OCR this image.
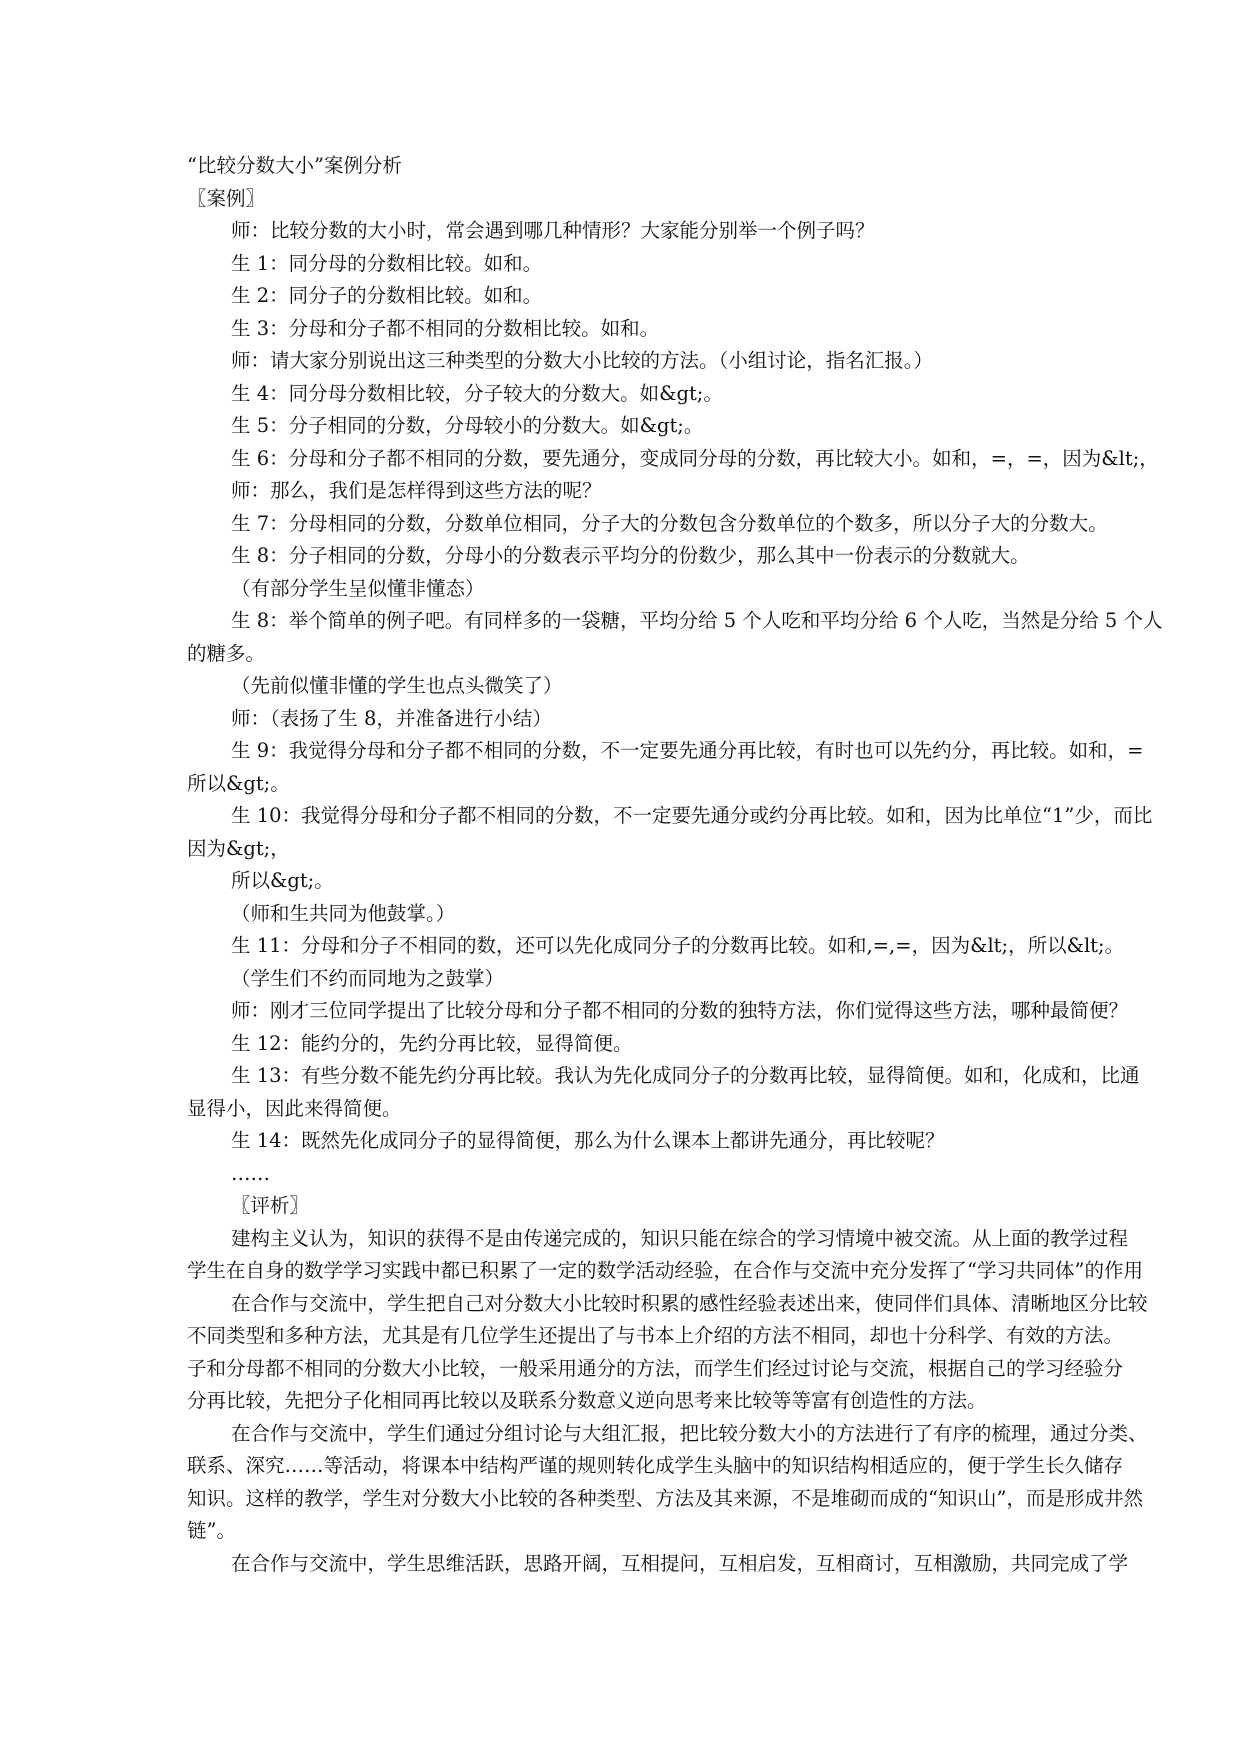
“比较分数大小”案例分析
〖案例〗
师：比较分数的大小时，常会遇到哪几种情形？大家能分别举一个例子吗？
生 1：同分母的分数相比较。如和。
生 2：同分子的分数相比较。如和。
生 3：分母和分子都不相同的分数相比较。如和。
师：请大家分别说出这三种类型的分数大小比较的方法。（小组讨论，指名汇报。）
生 4：同分母分数相比较，分子较大的分数大。如&gt;。
生 5：分子相同的分数，分母较小的分数大。如&gt;。
生 6：分母和分子都不相同的分数，要先通分，变成同分母的分数，再比较大小。如和，=，=，因为&lt;，
师：那么，我们是怎样得到这些方法的呢？
生 7：分母相同的分数，分数单位相同，分子大的分数包含分数单位的个数多，所以分子大的分数大。
生 8：分子相同的分数，分母小的分数表示平均分的份数少，那么其中一份表示的分数就大。
（有部分学生呈似懂非懂态）
生 8：举个简单的例子吧。有同样多的一袋糖，平均分给 5 个人吃和平均分给 6 个人吃，当然是分给 5 个人
的糖多。
（先前似懂非懂的学生也点头微笑了）
师：（表扬了生 8，并准备进行小结）
生 9：我觉得分母和分子都不相同的分数，不一定要先通分再比较，有时也可以先约分，再比较。如和，=
所以&gt;。
生 10：我觉得分母和分子都不相同的分数，不一定要先通分或约分再比较。如和，因为比单位“1”少，而比
因为&gt;，
所以&gt;。
（师和生共同为他鼓掌。）
生 11：分母和分子不相同的数，还可以先化成同分子的分数再比较。如和,=,=，因为&lt;，所以&lt;。
（学生们不约而同地为之鼓掌）
师：刚才三位同学提出了比较分母和分子都不相同的分数的独特方法，你们觉得这些方法，哪种最简便？
生 12：能约分的，先约分再比较，显得简便。
生 13：有些分数不能先约分再比较。我认为先化成同分子的分数再比较，显得简便。如和，化成和，比通
显得小，因此来得简便。
生 14：既然先化成同分子的显得简便，那么为什么课本上都讲先通分，再比较呢？
……
〖评析〗
建构主义认为，知识的获得不是由传递完成的，知识只能在综合的学习情境中被交流。从上面的教学过程
学生在自身的数学学习实践中都已积累了一定的数学活动经验，在合作与交流中充分发挥了“学习共同体”的作用
在合作与交流中，学生把自己对分数大小比较时积累的感性经验表述出来，使同伴们具体、清晰地区分比较
不同类型和多种方法，尤其是有几位学生还提出了与书本上介绍的方法不相同，却也十分科学、有效的方法。
子和分母都不相同的分数大小比较，一般采用通分的方法，而学生们经过讨论与交流，根据自己的学习经验分
分再比较，先把分子化相同再比较以及联系分数意义逆向思考来比较等等富有创造性的方法。
在合作与交流中，学生们通过分组讨论与大组汇报，把比较分数大小的方法进行了有序的梳理，通过分类、
联系、深究……等活动，将课本中结构严谨的规则转化成学生头脑中的知识结构相适应的，便于学生长久储存
知识。这样的教学，学生对分数大小比较的各种类型、方法及其来源，不是堆砌而成的“知识山”，而是形成井然
链”。
在合作与交流中，学生思维活跃，思路开阔，互相提问，互相启发，互相商讨，互相激励，共同完成了学
